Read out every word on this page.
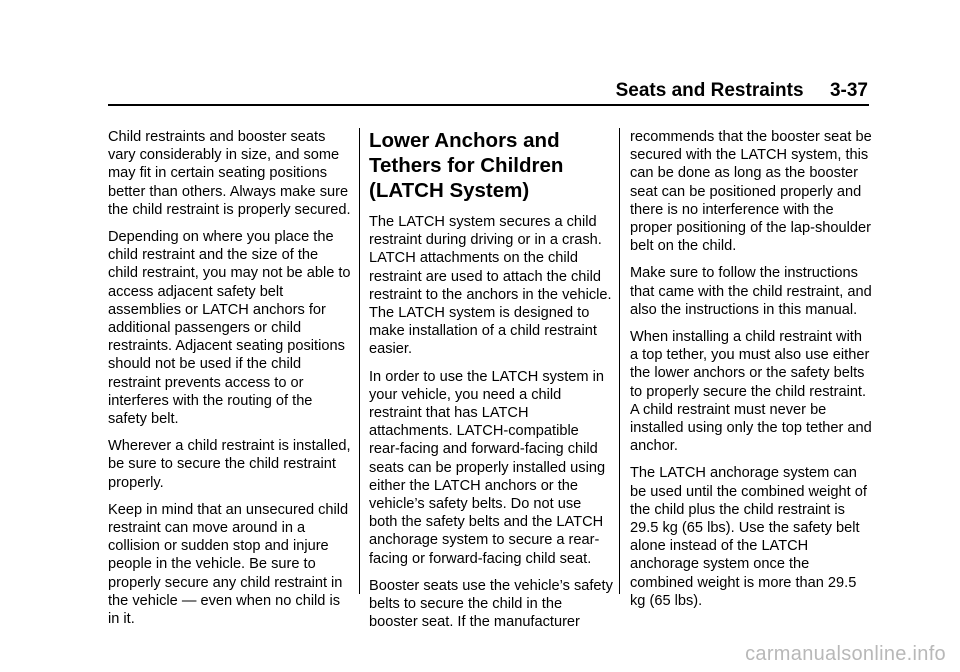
Seats and Restraints 3-37

Child restraints and booster seats vary considerably in size, and some may fit in certain seating positions better than others. Always make sure the child restraint is properly secured.

Depending on where you place the child restraint and the size of the child restraint, you may not be able to access adjacent safety belt assemblies or LATCH anchors for additional passengers or child restraints. Adjacent seating positions should not be used if the child restraint prevents access to or interferes with the routing of the safety belt.

Wherever a child restraint is installed, be sure to secure the child restraint properly.

Keep in mind that an unsecured child restraint can move around in a collision or sudden stop and injure people in the vehicle. Be sure to properly secure any child restraint in the vehicle — even when no child is in it.

Lower Anchors and Tethers for Children (LATCH System)

The LATCH system secures a child restraint during driving or in a crash. LATCH attachments on the child restraint are used to attach the child restraint to the anchors in the vehicle. The LATCH system is designed to make installation of a child restraint easier.

In order to use the LATCH system in your vehicle, you need a child restraint that has LATCH attachments. LATCH-compatible rear-facing and forward-facing child seats can be properly installed using either the LATCH anchors or the vehicle’s safety belts. Do not use both the safety belts and the LATCH anchorage system to secure a rear-facing or forward-facing child seat.

Booster seats use the vehicle’s safety belts to secure the child in the booster seat. If the manufacturer

recommends that the booster seat be secured with the LATCH system, this can be done as long as the booster seat can be positioned properly and there is no interference with the proper positioning of the lap-shoulder belt on the child.

Make sure to follow the instructions that came with the child restraint, and also the instructions in this manual.

When installing a child restraint with a top tether, you must also use either the lower anchors or the safety belts to properly secure the child restraint. A child restraint must never be installed using only the top tether and anchor.

The LATCH anchorage system can be used until the combined weight of the child plus the child restraint is 29.5 kg (65 lbs). Use the safety belt alone instead of the LATCH anchorage system once the combined weight is more than 29.5 kg (65 lbs).

carmanualsonline.info
